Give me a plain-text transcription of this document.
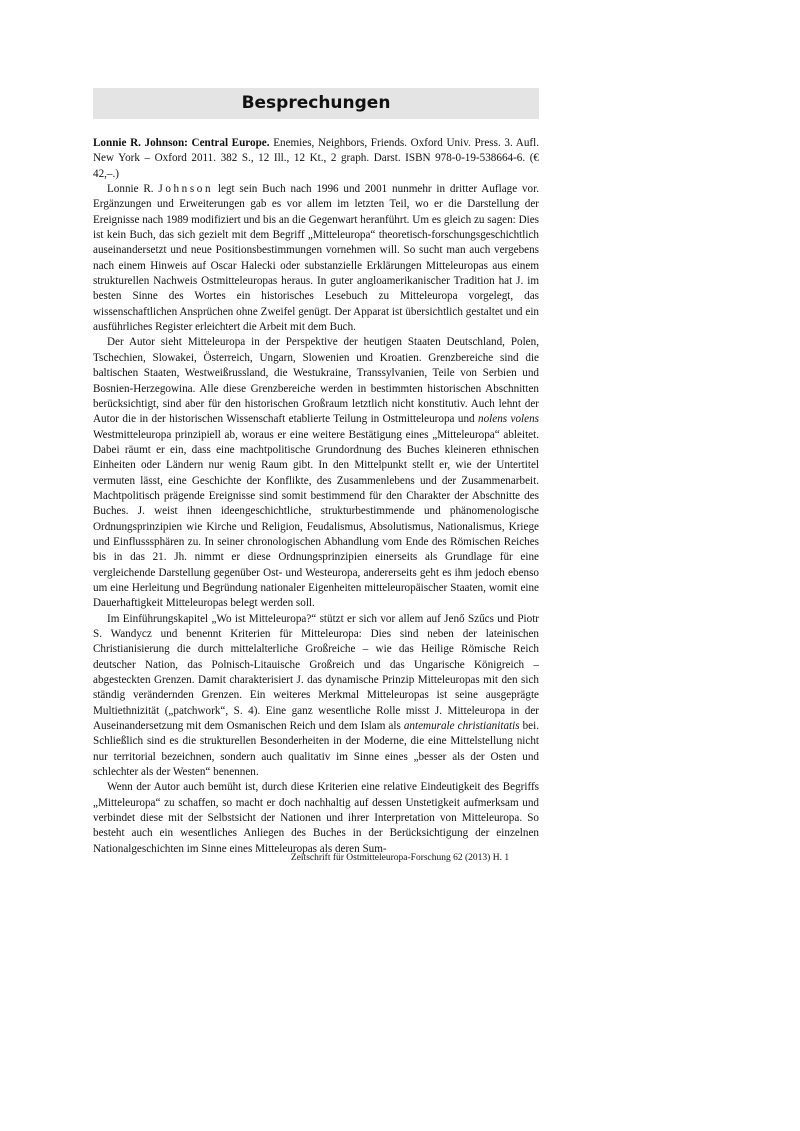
Besprechungen

Lonnie R. Johnson: Central Europe. Enemies, Neighbors, Friends. Oxford Univ. Press. 3. Aufl. New York – Oxford 2011. 382 S., 12 Ill., 12 Kt., 2 graph. Darst. ISBN 978-0-19-538664-6. (€ 42,–.)

Lonnie R. Johnson legt sein Buch nach 1996 und 2001 nunmehr in dritter Auflage vor. Ergänzungen und Erweiterungen gab es vor allem im letzten Teil, wo er die Darstellung der Ereignisse nach 1989 modifiziert und bis an die Gegenwart heranführt. Um es gleich zu sagen: Dies ist kein Buch, das sich gezielt mit dem Begriff „Mitteleuropa“ theoretisch-forschungsgeschichtlich auseinandersetzt und neue Positionsbestimmungen vornehmen will. So sucht man auch vergebens nach einem Hinweis auf Oscar Halecki oder substanzielle Erklärungen Mitteleuropas aus einem strukturellen Nachweis Ostmitteleuropas heraus. In guter angloamerikanischer Tradition hat J. im besten Sinne des Wortes ein historisches Lesebuch zu Mitteleuropa vorgelegt, das wissenschaftlichen Ansprüchen ohne Zweifel genügt. Der Apparat ist übersichtlich gestaltet und ein ausführliches Register erleichtert die Arbeit mit dem Buch.

Der Autor sieht Mitteleuropa in der Perspektive der heutigen Staaten Deutschland, Polen, Tschechien, Slowakei, Österreich, Ungarn, Slowenien und Kroatien. Grenzbereiche sind die baltischen Staaten, Westweißrussland, die Westukraine, Transsylvanien, Teile von Serbien und Bosnien-Herzegowina. Alle diese Grenzbereiche werden in bestimmten historischen Abschnitten berücksichtigt, sind aber für den historischen Großraum letztlich nicht konstitutiv. Auch lehnt der Autor die in der historischen Wissenschaft etablierte Teilung in Ostmitteleuropa und nolens volens Westmitteleuropa prinzipiell ab, woraus er eine weitere Bestätigung eines „Mitteleuropa“ ableitet. Dabei räumt er ein, dass eine machtpolitische Grundordnung des Buches kleineren ethnischen Einheiten oder Ländern nur wenig Raum gibt. In den Mittelpunkt stellt er, wie der Untertitel vermuten lässt, eine Geschichte der Konflikte, des Zusammenlebens und der Zusammenarbeit. Machtpolitisch prägende Ereignisse sind somit bestimmend für den Charakter der Abschnitte des Buches. J. weist ihnen ideengeschichtliche, strukturbestimmende und phänomenologische Ordnungsprinzipien wie Kirche und Religion, Feudalismus, Absolutismus, Nationalismus, Kriege und Einflusssphären zu. In seiner chronologischen Abhandlung vom Ende des Römischen Reiches bis in das 21. Jh. nimmt er diese Ordnungsprinzipien einerseits als Grundlage für eine vergleichende Darstellung gegenüber Ost- und Westeuropa, andererseits geht es ihm jedoch ebenso um eine Herleitung und Begründung nationaler Eigenheiten mitteleuropäischer Staaten, womit eine Dauerhaftigkeit Mitteleuropas belegt werden soll.

Im Einführungskapitel „Wo ist Mitteleuropa?“ stützt er sich vor allem auf Jenő Szűcs und Piotr S. Wandycz und benennt Kriterien für Mitteleuropa: Dies sind neben der lateinischen Christianisierung die durch mittelalterliche Großreiche – wie das Heilige Römische Reich deutscher Nation, das Polnisch-Litauische Großreich und das Ungarische Königreich – abgesteckten Grenzen. Damit charakterisiert J. das dynamische Prinzip Mitteleuropas mit den sich ständig verändernden Grenzen. Ein weiteres Merkmal Mitteleuropas ist seine ausgeprägte Multiethnizität („patchwork“, S. 4). Eine ganz wesentliche Rolle misst J. Mitteleuropa in der Auseinandersetzung mit dem Osmanischen Reich und dem Islam als antemurale christianitatis bei. Schließlich sind es die strukturellen Besonderheiten in der Moderne, die eine Mittelstellung nicht nur territorial bezeichnen, sondern auch qualitativ im Sinne eines „besser als der Osten und schlechter als der Westen“ benennen.

Wenn der Autor auch bemüht ist, durch diese Kriterien eine relative Eindeutigkeit des Begriffs „Mitteleuropa“ zu schaffen, so macht er doch nachhaltig auf dessen Unstetigkeit aufmerksam und verbindet diese mit der Selbstsicht der Nationen und ihrer Interpretation von Mitteleuropa. So besteht auch ein wesentliches Anliegen des Buches in der Berücksichtigung der einzelnen Nationalgeschichten im Sinne eines Mitteleuropas als deren Sum-

Zeitschrift für Ostmitteleuropa-Forschung 62 (2013) H. 1
